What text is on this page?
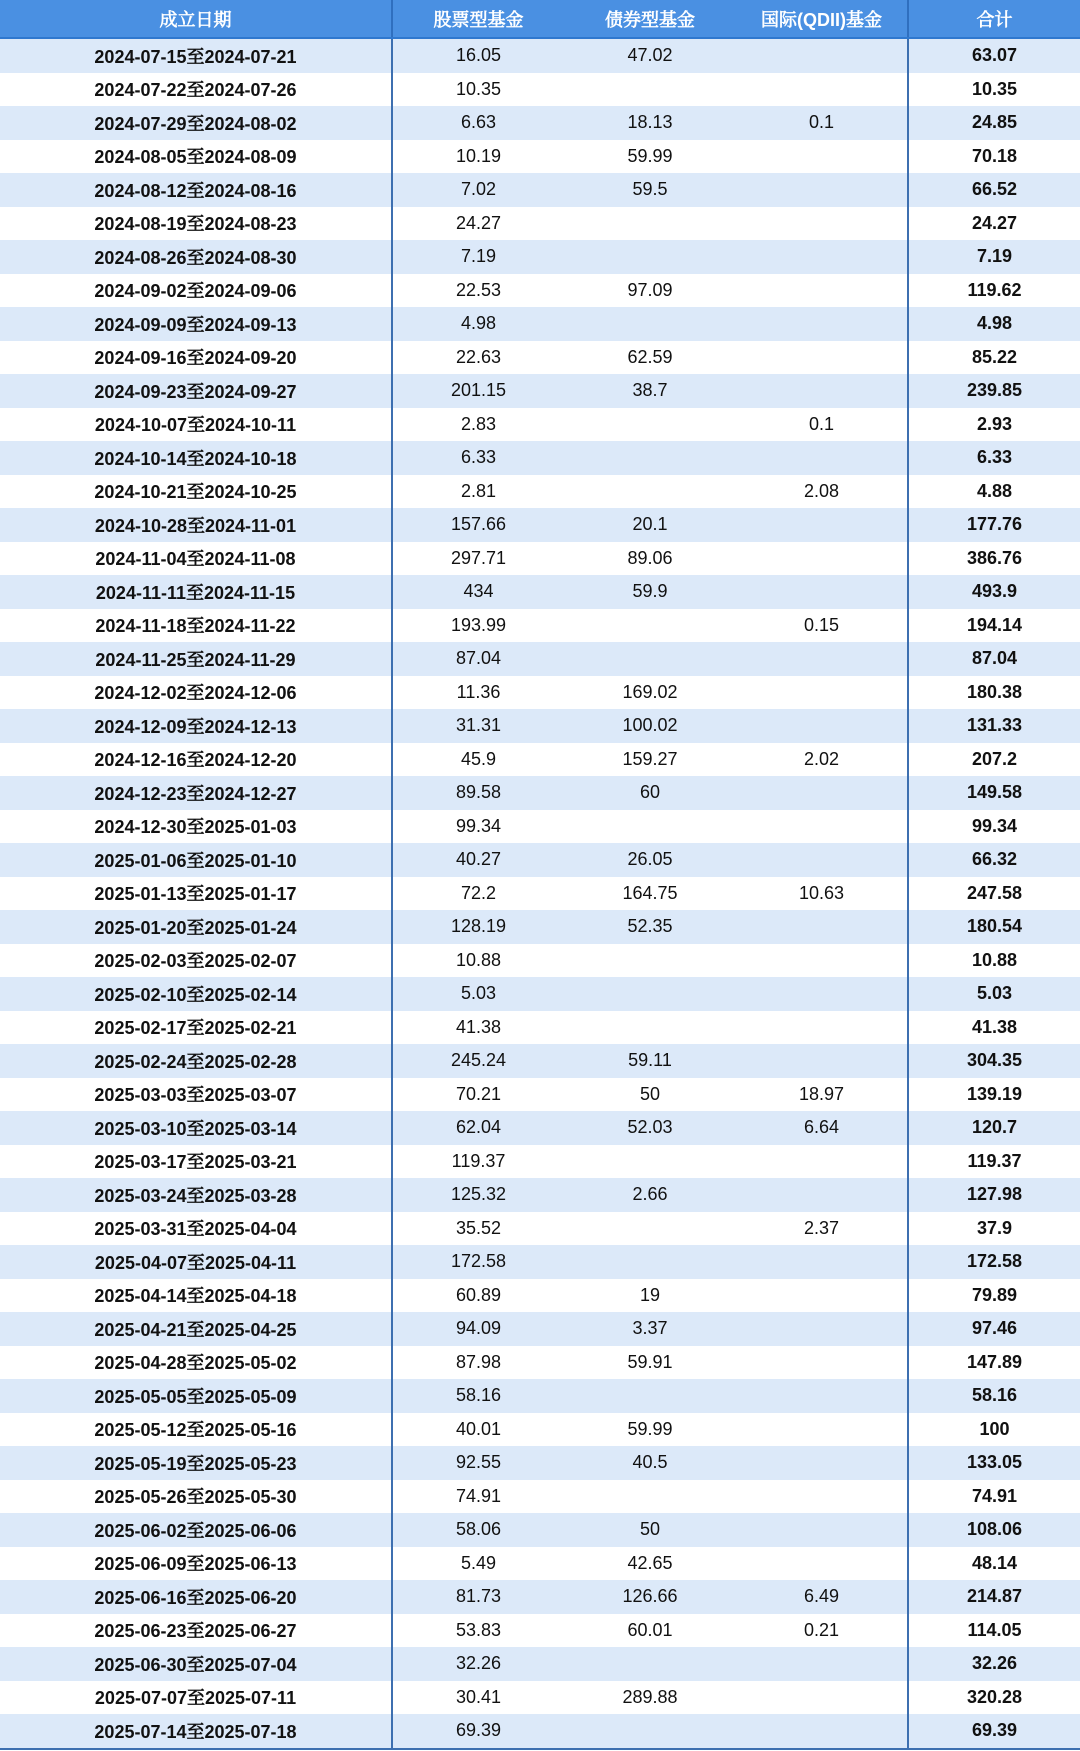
成立日期	股票型基金	债券型基金	国际(QDII)基金	合计
2024-07-15至2024-07-21	16.05	47.02		63.07
2024-07-22至2024-07-26	10.35			10.35
2024-07-29至2024-08-02	6.63	18.13	0.1	24.85
2024-08-05至2024-08-09	10.19	59.99		70.18
2024-08-12至2024-08-16	7.02	59.5		66.52
2024-08-19至2024-08-23	24.27			24.27
2024-08-26至2024-08-30	7.19			7.19
2024-09-02至2024-09-06	22.53	97.09		119.62
2024-09-09至2024-09-13	4.98			4.98
2024-09-16至2024-09-20	22.63	62.59		85.22
2024-09-23至2024-09-27	201.15	38.7		239.85
2024-10-07至2024-10-11	2.83		0.1	2.93
2024-10-14至2024-10-18	6.33			6.33
2024-10-21至2024-10-25	2.81		2.08	4.88
2024-10-28至2024-11-01	157.66	20.1		177.76
2024-11-04至2024-11-08	297.71	89.06		386.76
2024-11-11至2024-11-15	434	59.9		493.9
2024-11-18至2024-11-22	193.99		0.15	194.14
2024-11-25至2024-11-29	87.04			87.04
2024-12-02至2024-12-06	11.36	169.02		180.38
2024-12-09至2024-12-13	31.31	100.02		131.33
2024-12-16至2024-12-20	45.9	159.27	2.02	207.2
2024-12-23至2024-12-27	89.58	60		149.58
2024-12-30至2025-01-03	99.34			99.34
2025-01-06至2025-01-10	40.27	26.05		66.32
2025-01-13至2025-01-17	72.2	164.75	10.63	247.58
2025-01-20至2025-01-24	128.19	52.35		180.54
2025-02-03至2025-02-07	10.88			10.88
2025-02-10至2025-02-14	5.03			5.03
2025-02-17至2025-02-21	41.38			41.38
2025-02-24至2025-02-28	245.24	59.11		304.35
2025-03-03至2025-03-07	70.21	50	18.97	139.19
2025-03-10至2025-03-14	62.04	52.03	6.64	120.7
2025-03-17至2025-03-21	119.37			119.37
2025-03-24至2025-03-28	125.32	2.66		127.98
2025-03-31至2025-04-04	35.52		2.37	37.9
2025-04-07至2025-04-11	172.58			172.58
2025-04-14至2025-04-18	60.89	19		79.89
2025-04-21至2025-04-25	94.09	3.37		97.46
2025-04-28至2025-05-02	87.98	59.91		147.89
2025-05-05至2025-05-09	58.16			58.16
2025-05-12至2025-05-16	40.01	59.99		100
2025-05-19至2025-05-23	92.55	40.5		133.05
2025-05-26至2025-05-30	74.91			74.91
2025-06-02至2025-06-06	58.06	50		108.06
2025-06-09至2025-06-13	5.49	42.65		48.14
2025-06-16至2025-06-20	81.73	126.66	6.49	214.87
2025-06-23至2025-06-27	53.83	60.01	0.21	114.05
2025-06-30至2025-07-04	32.26			32.26
2025-07-07至2025-07-11	30.41	289.88		320.28
2025-07-14至2025-07-18	69.39			69.39
